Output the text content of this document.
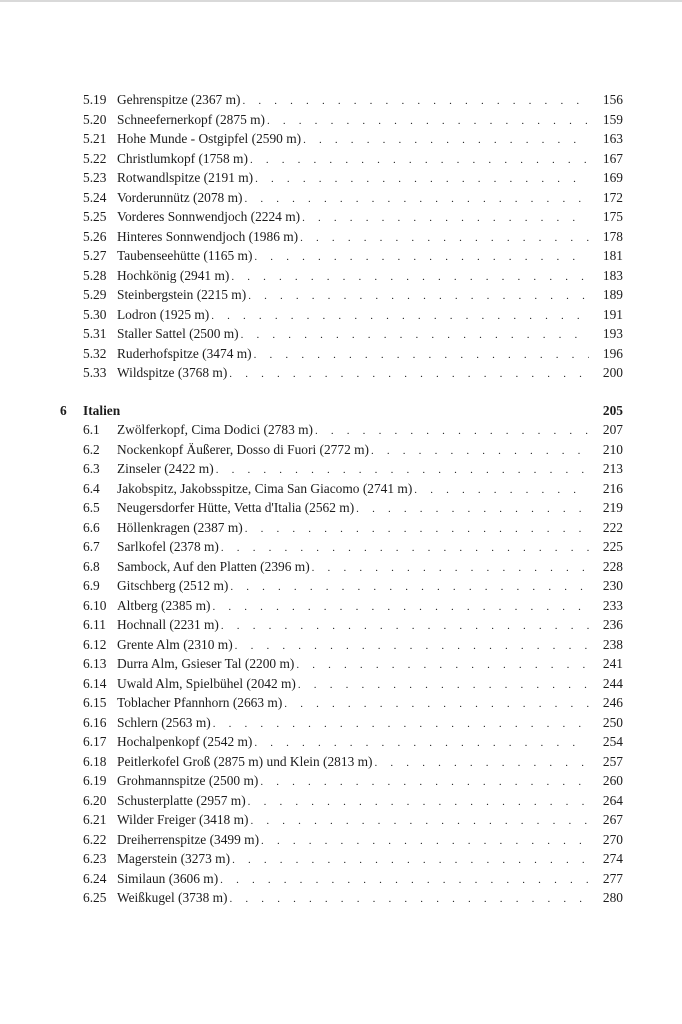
5.19 Gehrenspitze (2367 m) . . .	156
5.20 Schneefernerkopf (2875 m) . . .	159
5.21 Hohe Munde - Ostgipfel (2590 m) . . .	163
5.22 Christlumkopf (1758 m) . . .	167
5.23 Rotwandlspitze (2191 m) . . .	169
5.24 Vorderunnütz (2078 m) . . .	172
5.25 Vorderes Sonnwendjoch (2224 m) . . .	175
5.26 Hinteres Sonnwendjoch (1986 m) . . .	178
5.27 Taubenseehütte (1165 m) . . .	181
5.28 Hochkönig (2941 m) . . .	183
5.29 Steinbergstein (2215 m) . . .	189
5.30 Lodron (1925 m) . . .	191
5.31 Staller Sattel (2500 m) . . .	193
5.32 Ruderhofspitze (3474 m) . . .	196
5.33 Wildspitze (3768 m) . . .	200
6	Italien	205
6.1	Zwölferkopf, Cima Dodici (2783 m) . . .	207
6.2	Nockenkopf Äußerer, Dosso di Fuori (2772 m) . . .	210
6.3	Zinseler (2422 m) . . .	213
6.4	Jakobspitz, Jakobsspitze, Cima San Giacomo (2741 m) . . .	216
6.5	Neugersdorfer Hütte, Vetta d'Italia (2562 m) . . .	219
6.6	Höllenkragen (2387 m) . . .	222
6.7	Sarlkofel (2378 m) . . .	225
6.8	Sambock, Auf den Platten (2396 m) . . .	228
6.9	Gitschberg (2512 m) . . .	230
6.10 Altberg (2385 m) . . .	233
6.11 Hochnall (2231 m) . . .	236
6.12 Grente Alm (2310 m) . . .	238
6.13 Durra Alm, Gsieser Tal (2200 m) . . .	241
6.14 Uwald Alm, Spielbühel (2042 m) . . .	244
6.15 Toblacher Pfannhorn (2663 m) . . .	246
6.16 Schlern (2563 m) . . .	250
6.17 Hochalpenkopf (2542 m) . . .	254
6.18 Peitlerkofel Groß (2875 m) und Klein (2813 m) . . .	257
6.19 Grohmannspitze (2500 m) . . .	260
6.20 Schusterplatte (2957 m) . . .	264
6.21 Wilder Freiger (3418 m) . . .	267
6.22 Dreiherrenspitze (3499 m) . . .	270
6.23 Magerstein (3273 m) . . .	274
6.24 Similaun (3606 m) . . .	277
6.25 Weißkugel (3738 m) . . .	280
